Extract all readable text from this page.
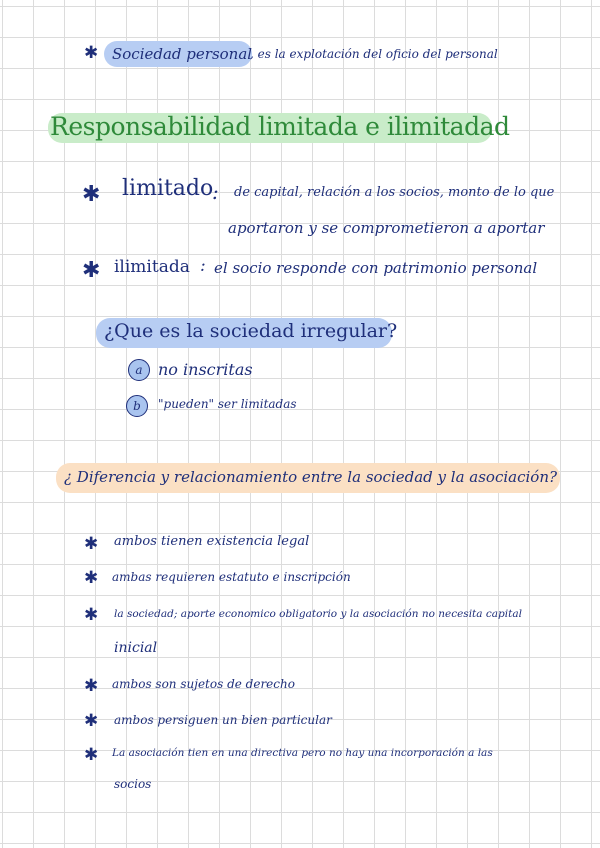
✱ Sociedad personal
, es la explotación del oficio del personal
Responsabilidad limitada e ilimitadad
✱ limitado
: de capital, relación a los socios, monto de lo que
aportaron y se comprometieron a aportar
✱ ilimitada : el socio responde con patrimonio personal
¿Que es la sociedad irregular?
a no inscritas
b	"pueden" ser limitadas
¿ Diferencia y relacionamiento entre la sociedad y la asociación?
✱ ambos tienen existencia legal
✱ ambas requieren estatuto e inscripción
✱ la sociedad; aporte economico obligatorio y la asociación no necesita capital
inicial
✱ ambos son sujetos de derecho
✱ ambos persiguen un bien particular
✱ La asociación tien en una directiva pero no hay una incorporación a las
socios
